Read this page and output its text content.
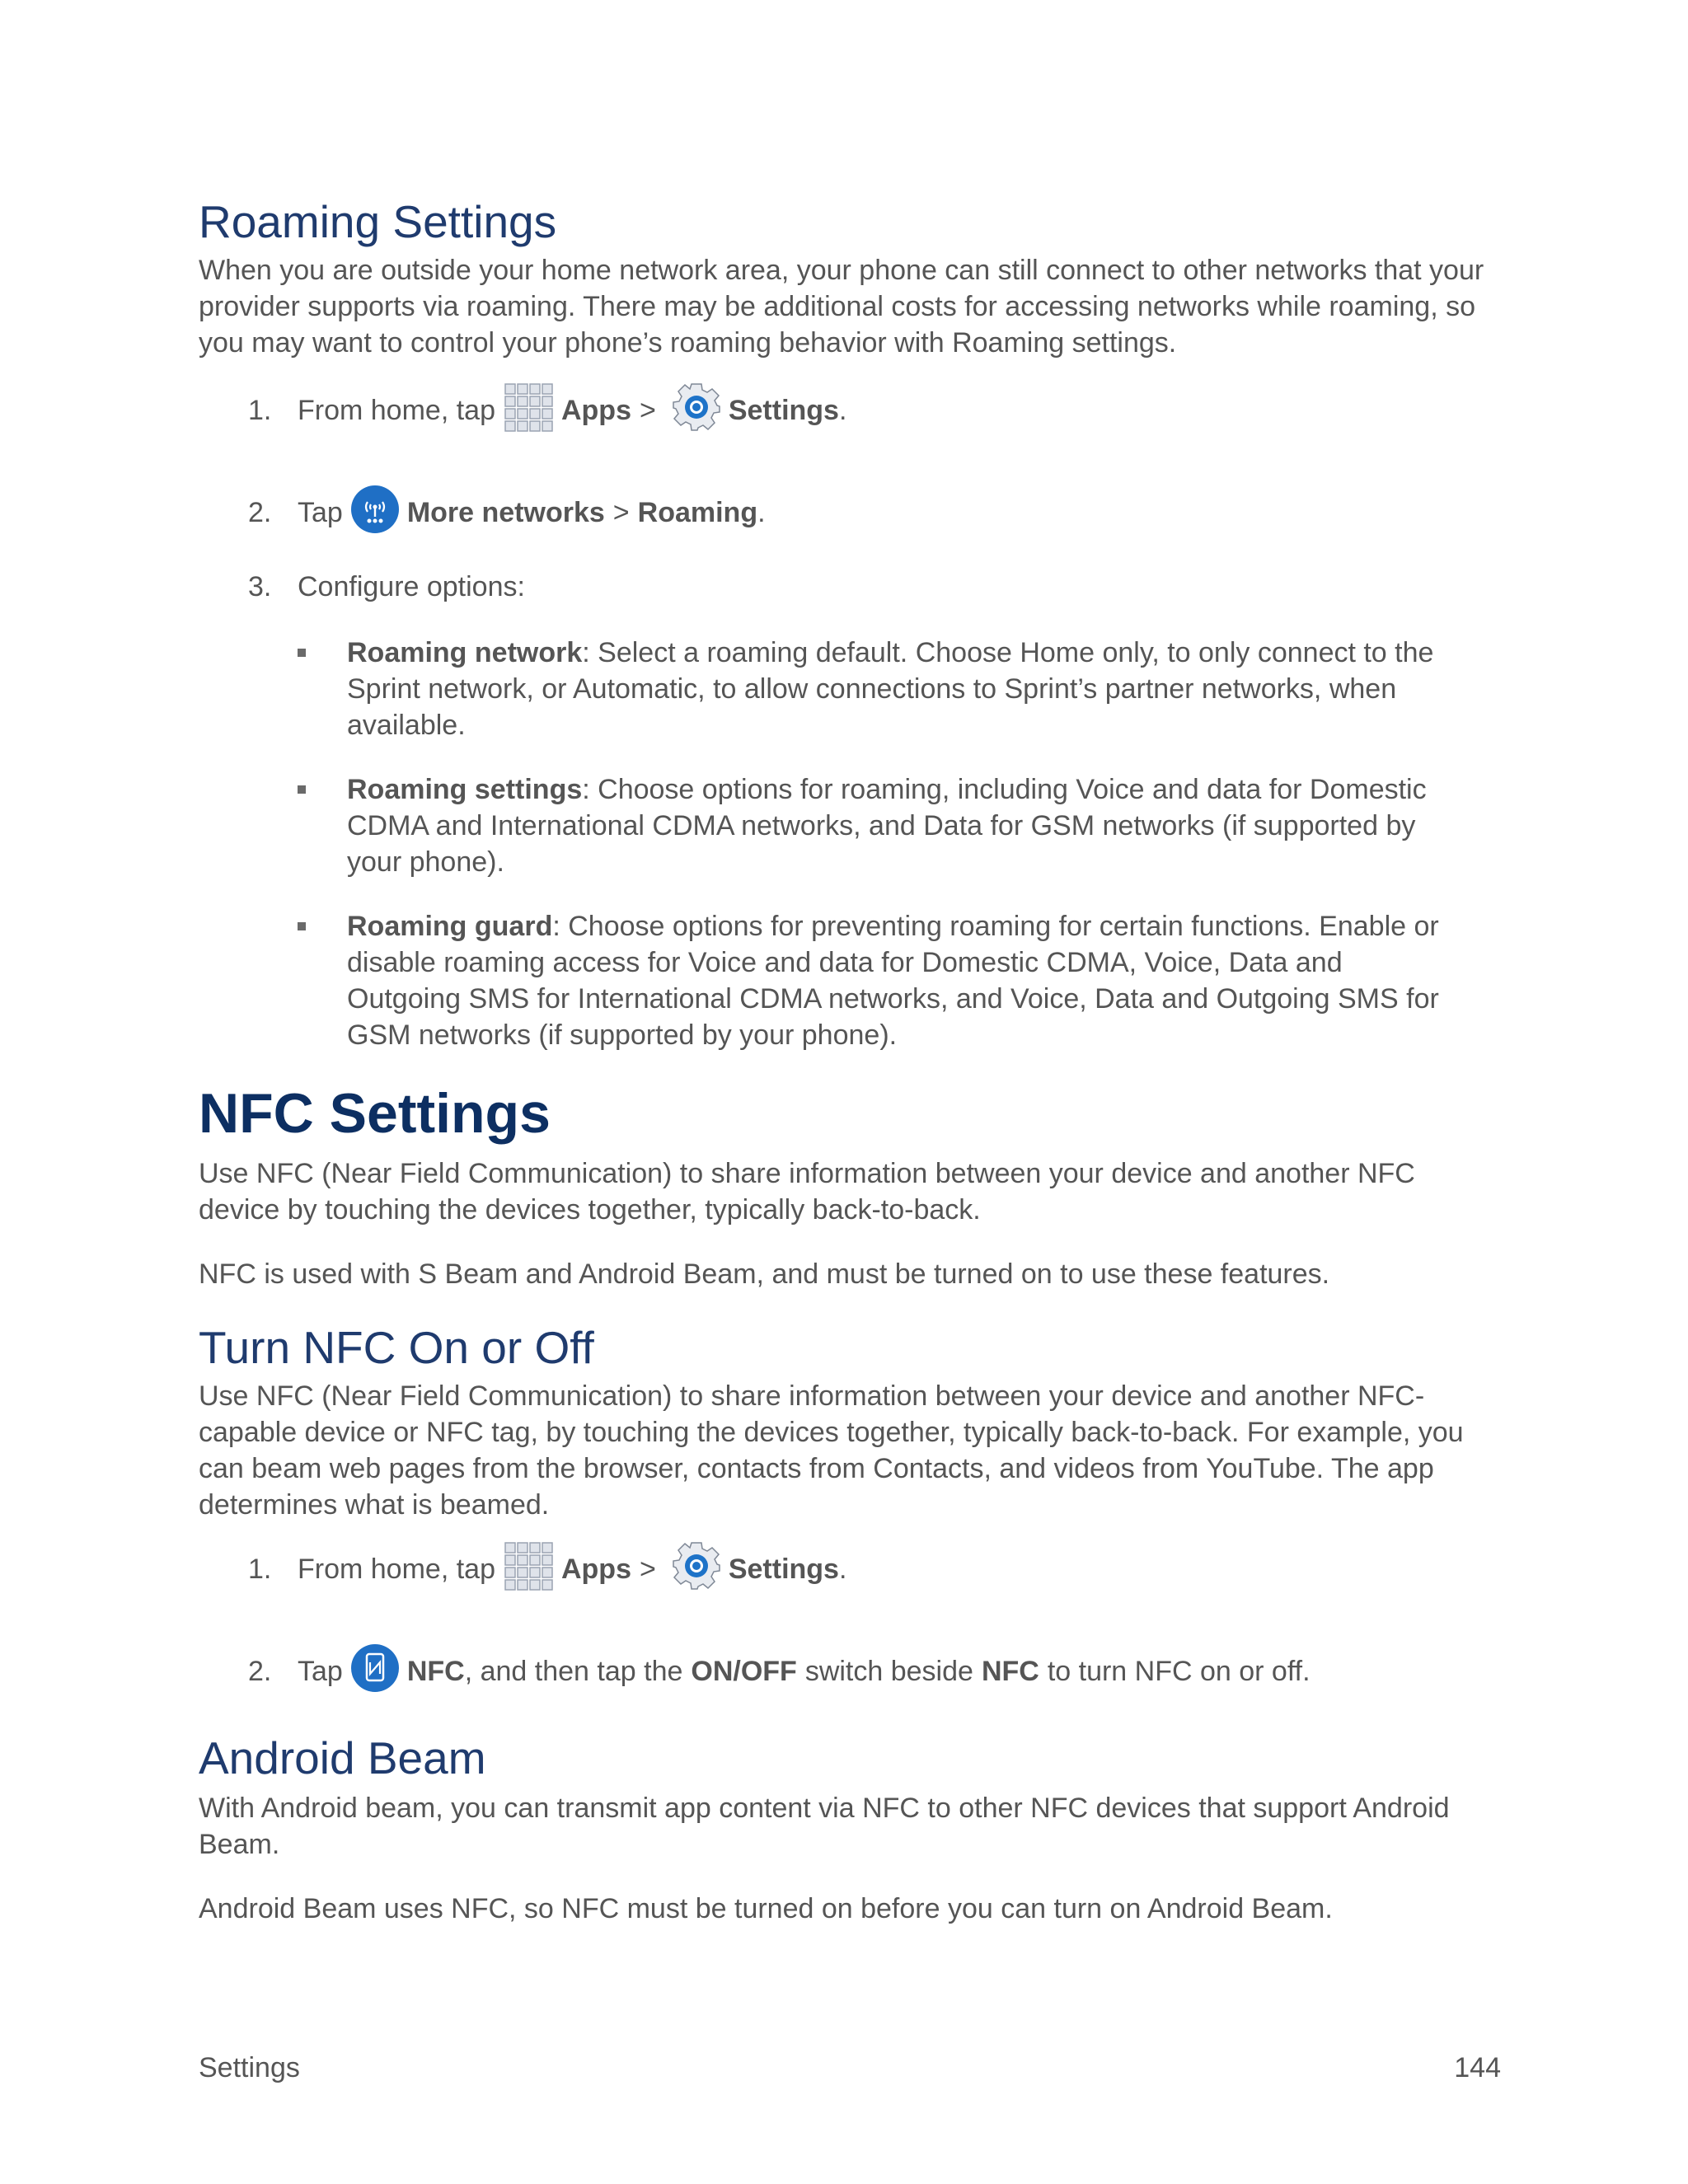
Roaming Settings

When you are outside your home network area, your phone can still connect to other networks that your provider supports via roaming. There may be additional costs for accessing networks while roaming, so you may want to control your phone’s roaming behavior with Roaming settings.

1. From home, tap Apps >	Settings .
2. Tap More networks > Roaming .
3. Configure options:
Roaming network: Select a roaming default. Choose Home only, to only connect to the Sprint network, or Automatic, to allow connections to Sprint’s partner networks, when available.
Roaming settings: Choose options for roaming, including Voice and data for Domestic CDMA and International CDMA networks, and Data for GSM networks (if supported by your phone).
Roaming guard: Choose options for preventing roaming for certain functions. Enable or disable roaming access for Voice and data for Domestic CDMA, Voice, Data and Outgoing SMS for International CDMA networks, and Voice, Data and Outgoing SMS for GSM networks (if supported by your phone).
NFC Settings

Use NFC (Near Field Communication) to share information between your device and another NFC device by touching the devices together, typically back-to-back.

NFC is used with S Beam and Android Beam, and must be turned on to use these features.

Turn NFC On or Off

Use NFC (Near Field Communication) to share information between your device and another NFC-capable device or NFC tag, by touching the devices together, typically back-to-back. For example, you can beam web pages from the browser, contacts from Contacts, and videos from YouTube. The app determines what is beamed.

1. From home, tap Apps >	Settings .
2. Tap NFC , and then tap the ON/OFF switch beside NFC to turn NFC on or off.
Android Beam

With Android beam, you can transmit app content via NFC to other NFC devices that support Android Beam.

Android Beam uses NFC, so NFC must be turned on before you can turn on Android Beam.

Settings	144
